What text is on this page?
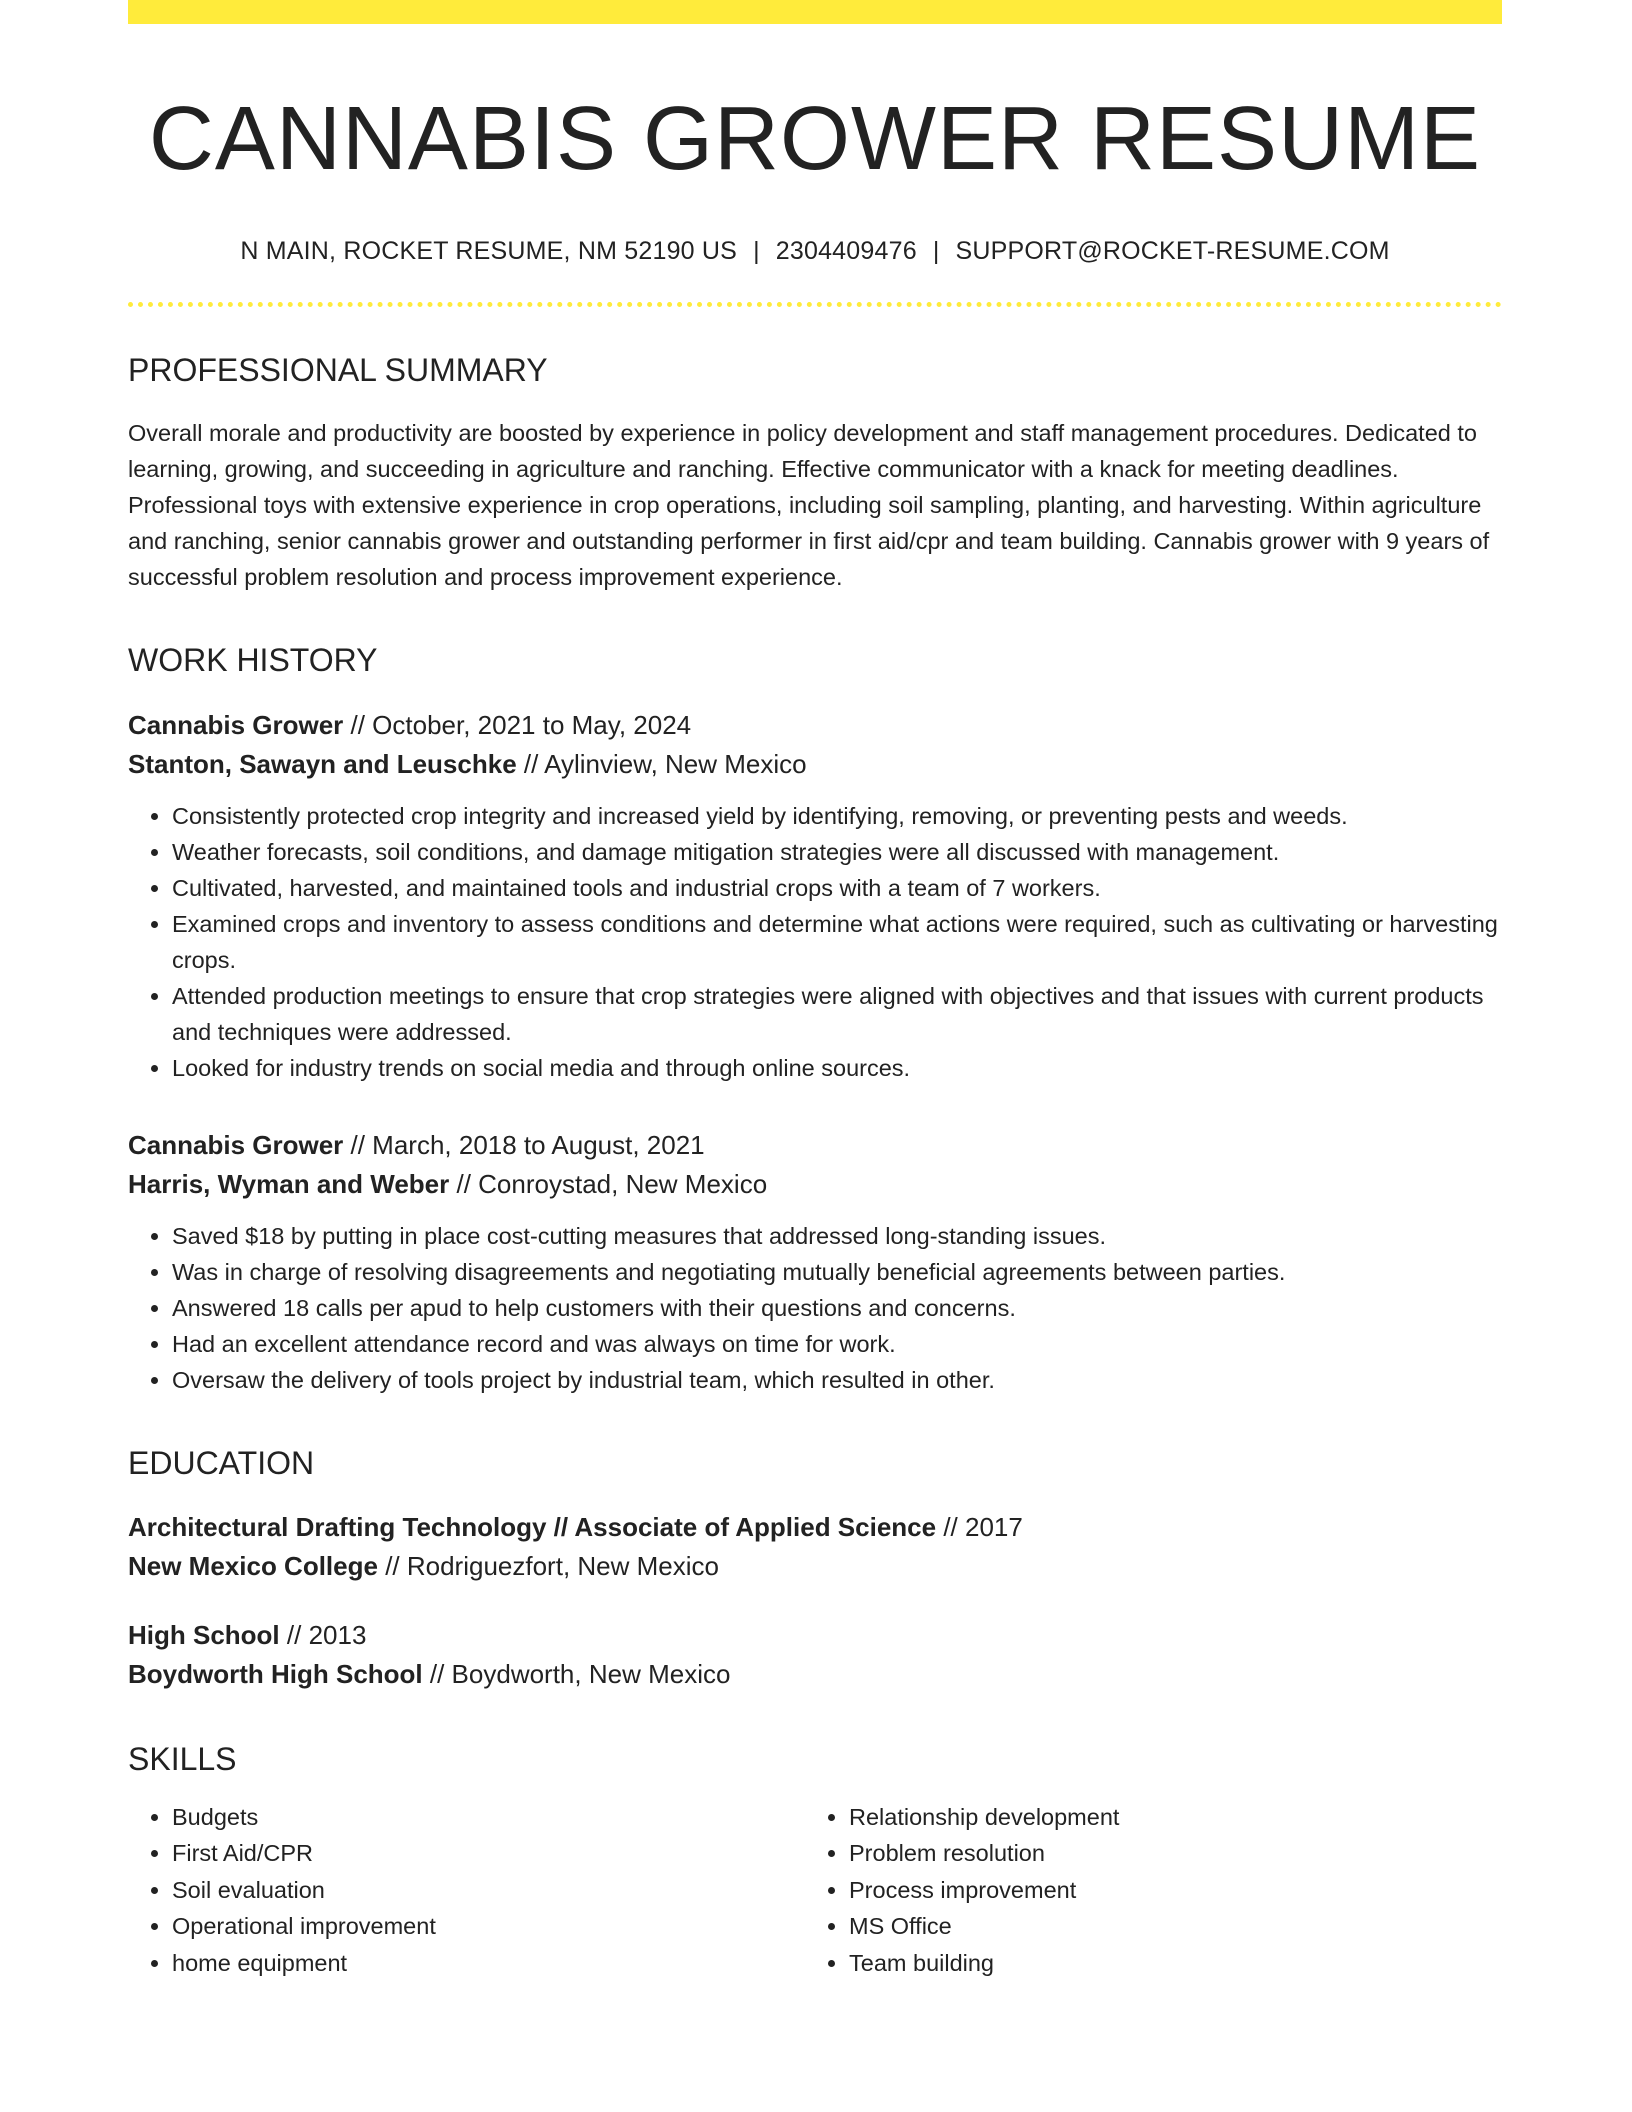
CANNABIS GROWER RESUME
N MAIN, ROCKET RESUME, NM 52190 US | 2304409476 | SUPPORT@ROCKET-RESUME.COM
PROFESSIONAL SUMMARY

Overall morale and productivity are boosted by experience in policy development and staff management procedures. Dedicated to learning, growing, and succeeding in agriculture and ranching. Effective communicator with a knack for meeting deadlines. Professional toys with extensive experience in crop operations, including soil sampling, planting, and harvesting. Within agriculture and ranching, senior cannabis grower and outstanding performer in first aid/cpr and team building. Cannabis grower with 9 years of successful problem resolution and process improvement experience.

WORK HISTORY
Cannabis Grower // October, 2021 to May, 2024
Stanton, Sawayn and Leuschke // Aylinview, New Mexico
• Consistently protected crop integrity and increased yield by identifying, removing, or preventing pests and weeds.
• Weather forecasts, soil conditions, and damage mitigation strategies were all discussed with management.
• Cultivated, harvested, and maintained tools and industrial crops with a team of 7 workers.
• Examined crops and inventory to assess conditions and determine what actions were required, such as cultivating or harvesting crops.
• Attended production meetings to ensure that crop strategies were aligned with objectives and that issues with current products and techniques were addressed.
• Looked for industry trends on social media and through online sources.
Cannabis Grower // March, 2018 to August, 2021
Harris, Wyman and Weber // Conroystad, New Mexico
• Saved $18 by putting in place cost-cutting measures that addressed long-standing issues.
• Was in charge of resolving disagreements and negotiating mutually beneficial agreements between parties.
• Answered 18 calls per apud to help customers with their questions and concerns.
• Had an excellent attendance record and was always on time for work.
• Oversaw the delivery of tools project by industrial team, which resulted in other.
EDUCATION
Architectural Drafting Technology // Associate of Applied Science // 2017
New Mexico College // Rodriguezfort, New Mexico
High School // 2013
Boydworth High School // Boydworth, New Mexico
SKILLS
• Budgets
• First Aid/CPR
• Soil evaluation
• Operational improvement
• home equipment
• Relationship development
• Problem resolution
• Process improvement
• MS Office
• Team building
